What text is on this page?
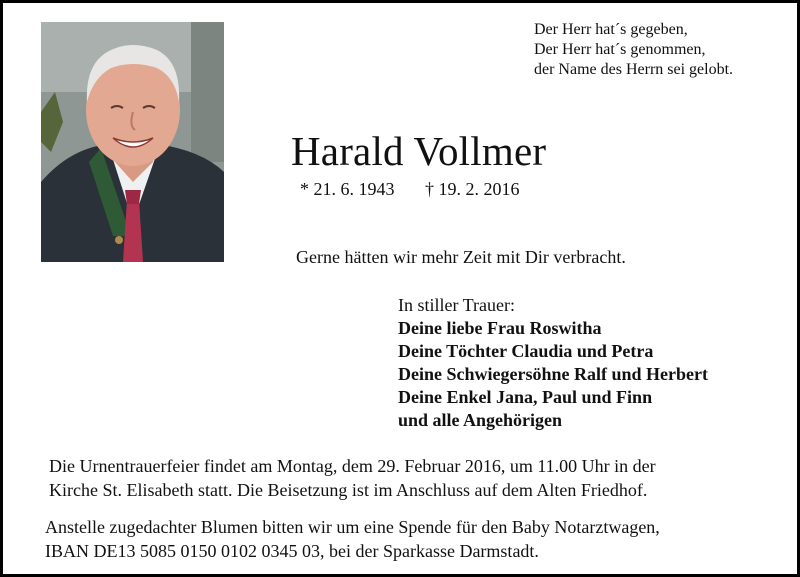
Der Herr hat´s gegeben,
Der Herr hat´s genommen,
der Name des Herrn sei gelobt.
Harald Vollmer
* 21. 6. 1943 † 19. 2. 2016
Gerne hätten wir mehr Zeit mit Dir verbracht.
In stiller Trauer:
Deine liebe Frau Roswitha
Deine Töchter Claudia und Petra
Deine Schwiegersöhne Ralf und Herbert
Deine Enkel Jana, Paul und Finn
und alle Angehörigen
Die Urnentrauerfeier findet am Montag, dem 29. Februar 2016, um 11.00 Uhr in der
Kirche St. Elisabeth statt. Die Beisetzung ist im Anschluss auf dem Alten Friedhof.
Anstelle zugedachter Blumen bitten wir um eine Spende für den Baby Notarztwagen,
IBAN DE13 5085 0150 0102 0345 03, bei der Sparkasse Darmstadt.
